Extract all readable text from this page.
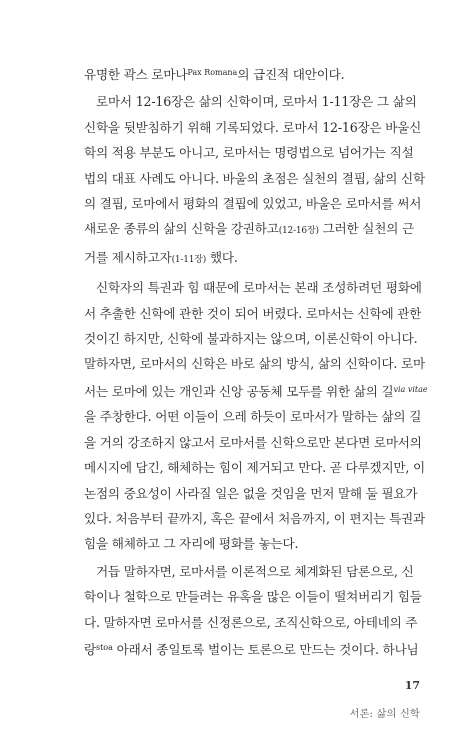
유명한 곽스 로마나$^{Pax Romana}$의 급진적 대안이다.
로마서 12-16장은 삶의 신학이며, 로마서 1-11장은 그 삶의
신학을 뒷받침하기 위해 기록되었다. 로마서 12-16장은 바울신
학의 적용 부분도 아니고, 로마서는 명령법으로 넘어가는 직설
법의 대표 사례도 아니다. 바울의 초점은 실천의 결핍, 삶의 신학
의 결핍, 로마에서 평화의 결핍에 있었고, 바울은 로마서를 써서
새로운 종류의 삶의 신학을 강권하고(12-16장) 그러한 실천의 근
거를 제시하고자(1-11장) 했다.
신학자의 특권과 힘 때문에 로마서는 본래 조성하려던 평화에
서 추출한 신학에 관한 것이 되어 버렸다. 로마서는 신학에 관한
것이긴 하지만, 신학에 불과하지는 않으며, 이론신학이 아니다.
말하자면, 로마서의 신학은 바로 삶의 방식, 삶의 신학이다. 로마
서는 로마에 있는 개인과 신앙 공동체 모두를 위한 삶의 길$^{via vitae}$
을 주창한다. 어떤 이들이 으레 하듯이 로마서가 말하는 삶의 길
을 거의 강조하지 않고서 로마서를 신학으로만 본다면 로마서의
메시지에 담긴, 해체하는 힘이 제거되고 만다. 곧 다루겠지만, 이
논점의 중요성이 사라질 일은 없을 것임을 먼저 말해 둘 필요가
있다. 처음부터 끝까지, 혹은 끝에서 처음까지, 이 편지는 특권과
힘을 해체하고 그 자리에 평화를 놓는다.
거듭 말하자면, 로마서를 이론적으로 체계화된 담론으로, 신
학이나 철학으로 만들려는 유혹을 많은 이들이 떨쳐버리기 힘들
다. 말하자면 로마서를 신정론으로, 조직신학으로, 아테네의 주
랑$^{stoa}$ 아래서 종일토록 벌이는 토론으로 만드는 것이다. 하나님
17
서론: 삶의 신학
